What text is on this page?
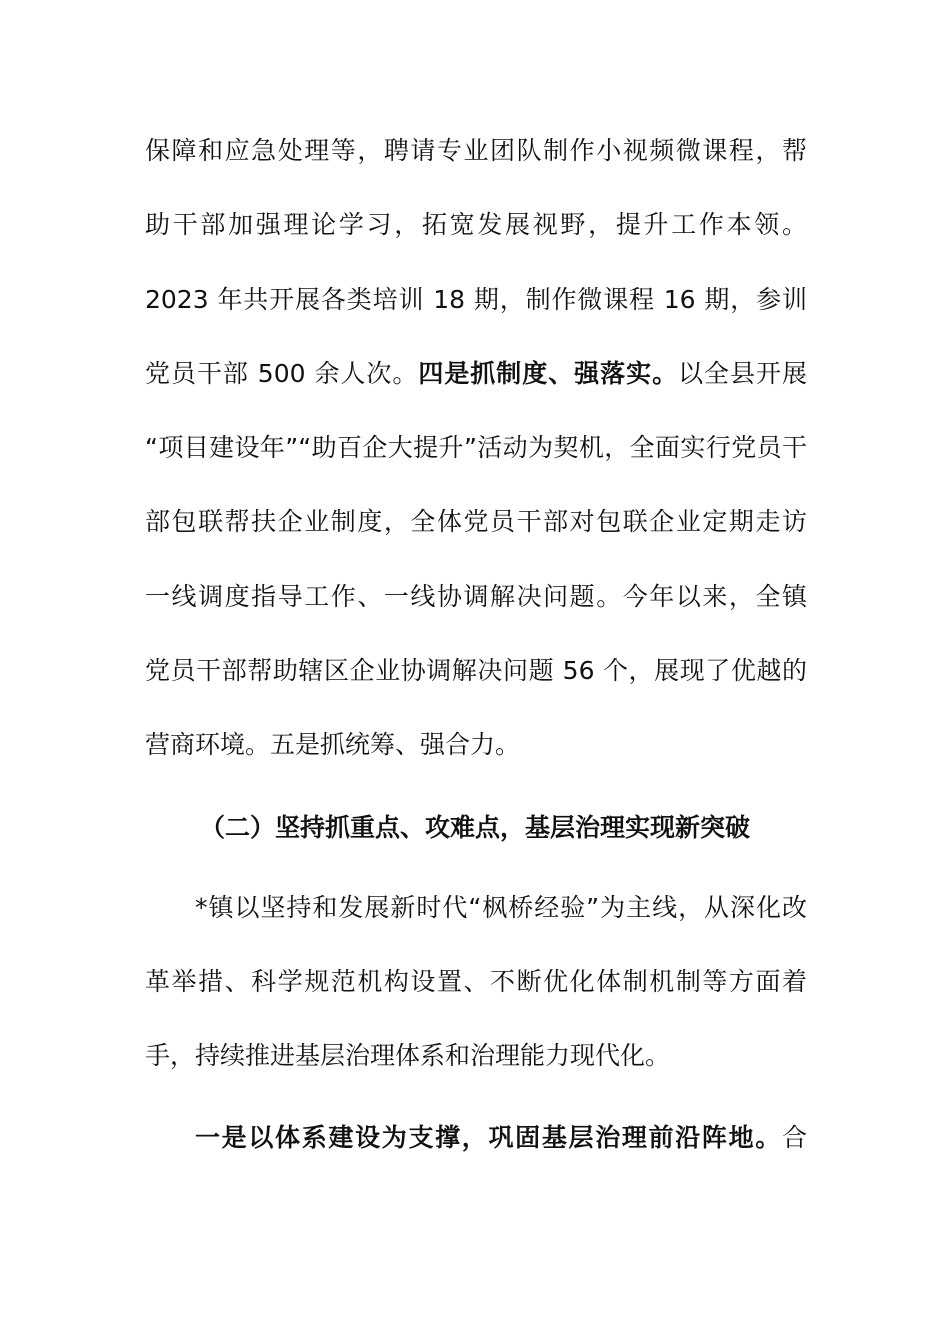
保障和应急处理等，聘请专业团队制作小视频微课程，帮
助干部加强理论学习，拓宽发展视野，提升工作本领。
2023 年共开展各类培训 18 期，制作微课程 16 期，参训
党员干部 500 余人次。四是抓制度、强落实。以全县开展
“项目建设年”“助百企大提升”活动为契机，全面实行党员干
部包联帮扶企业制度，全体党员干部对包联企业定期走访
一线调度指导工作、一线协调解决问题。今年以来，全镇
党员干部帮助辖区企业协调解决问题 56 个，展现了优越的
营商环境。五是抓统筹、强合力。
（二）坚持抓重点、攻难点，基层治理实现新突破
*镇以坚持和发展新时代“枫桥经验”为主线，从深化改
革举措、科学规范机构设置、不断优化体制机制等方面着
手，持续推进基层治理体系和治理能力现代化。
一是以体系建设为支撑，巩固基层治理前沿阵地。合
